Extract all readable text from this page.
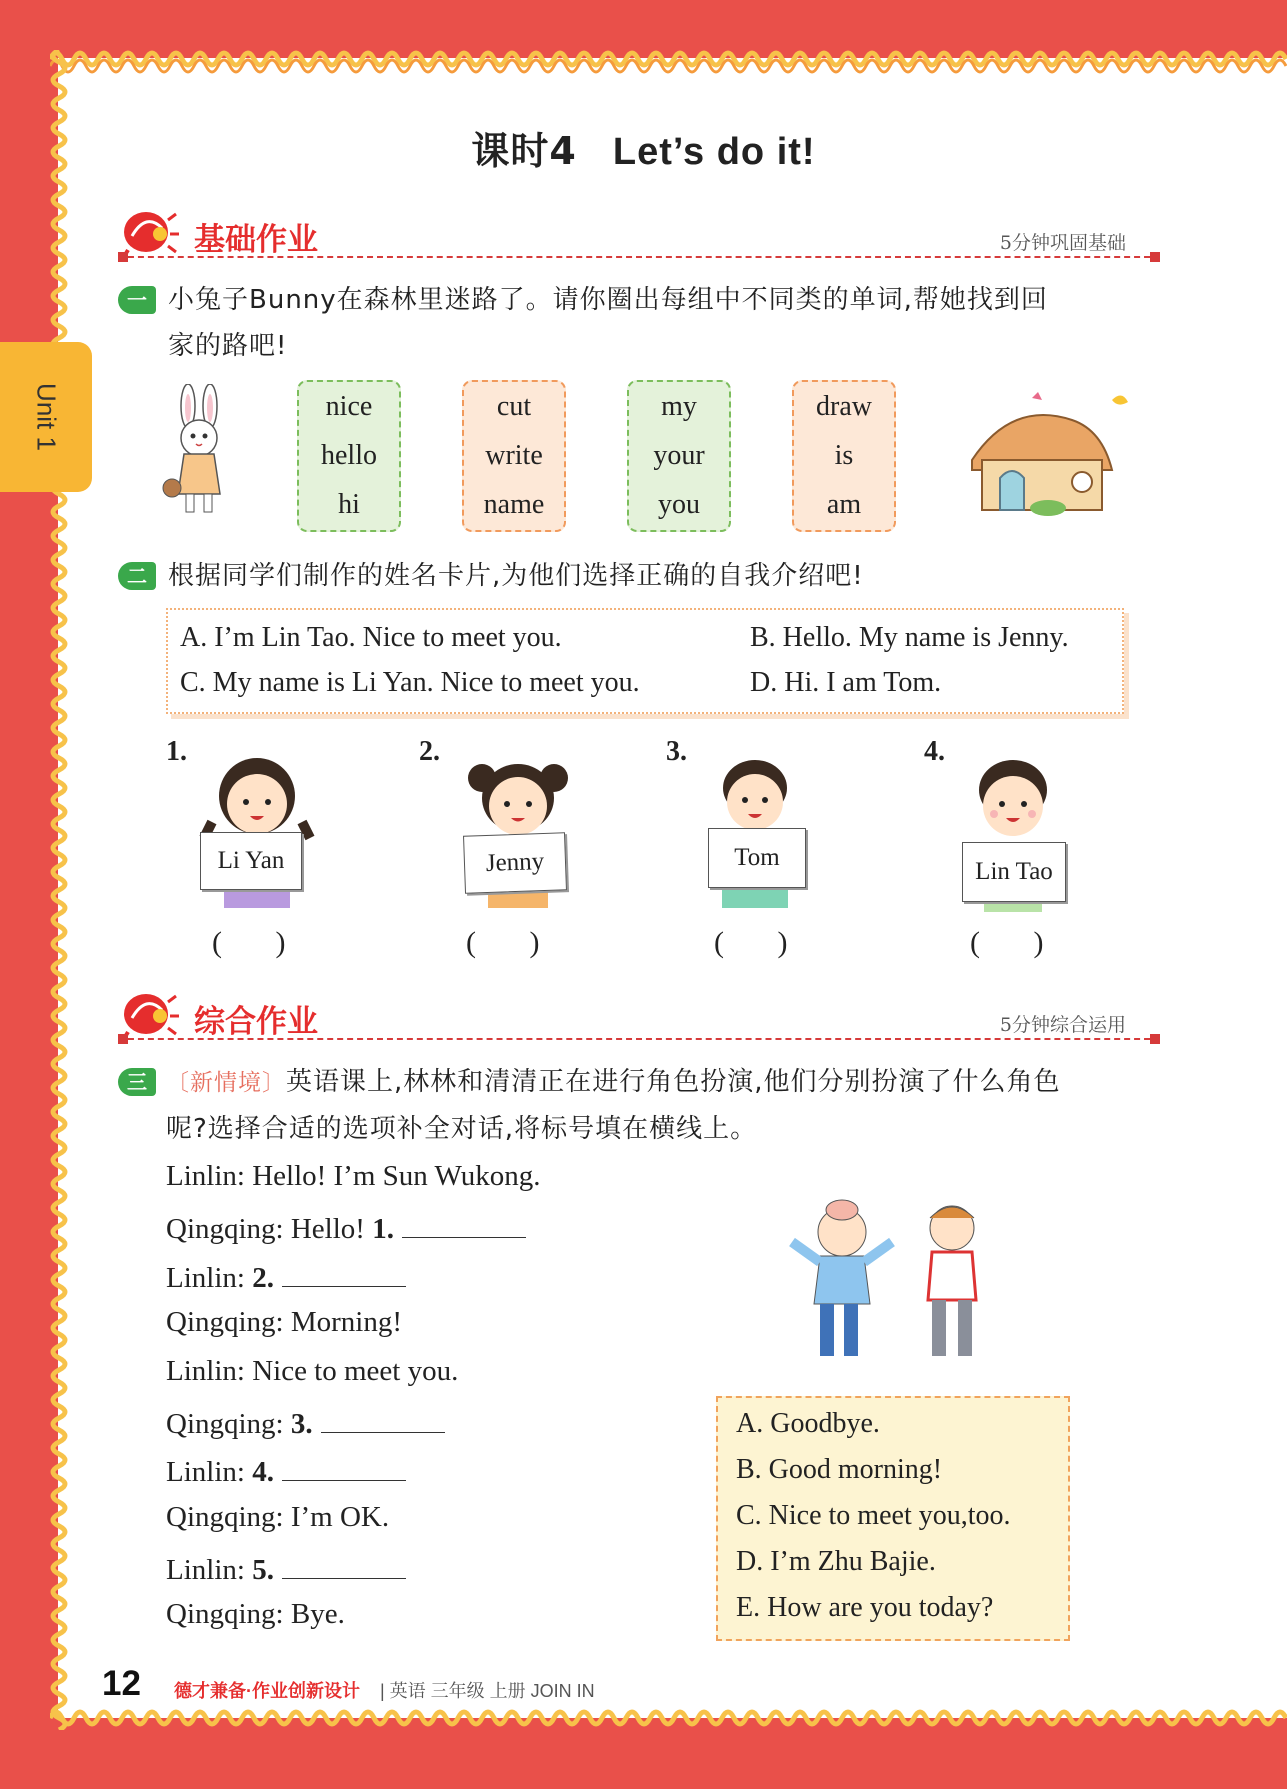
Unit 1
课时4 Let’s do it!
基础作业	5分钟巩固基础
一 小兔子Bunny在森林里迷路了。请你圈出每组中不同类的单词,帮她找到回
家的路吧!
nice
hello
hi
cut
write
name
my
your
you
draw
is
am
二 根据同学们制作的姓名卡片,为他们选择正确的自我介绍吧!
A. I’m Lin Tao. Nice to meet you.	B. Hello. My name is Jenny.
C. My name is Li Yan. Nice to meet you.	D. Hi. I am Tom.
1.
Li Yan
( )
2.
Jenny
( )
3.
Tom
( )
4.
Lin Tao
( )
综合作业	5分钟综合运用
三 〔新情境〕英语课上,林林和清清正在进行角色扮演,他们分别扮演了什么角色
呢?选择合适的选项补全对话,将标号填在横线上。
Linlin: Hello! I’m Sun Wukong.
Qingqing: Hello! 1.
Linlin: 2.
Qingqing: Morning!
Linlin: Nice to meet you.
Qingqing: 3.
Linlin: 4.
Qingqing: I’m OK.
Linlin: 5.
Qingqing: Bye.
A. Goodbye.
B. Good morning!
C. Nice to meet you,too.
D. I’m Zhu Bajie.
E. How are you today?
12 德才兼备·作业创新设计 | 英语 三年级 上册 JOIN IN
